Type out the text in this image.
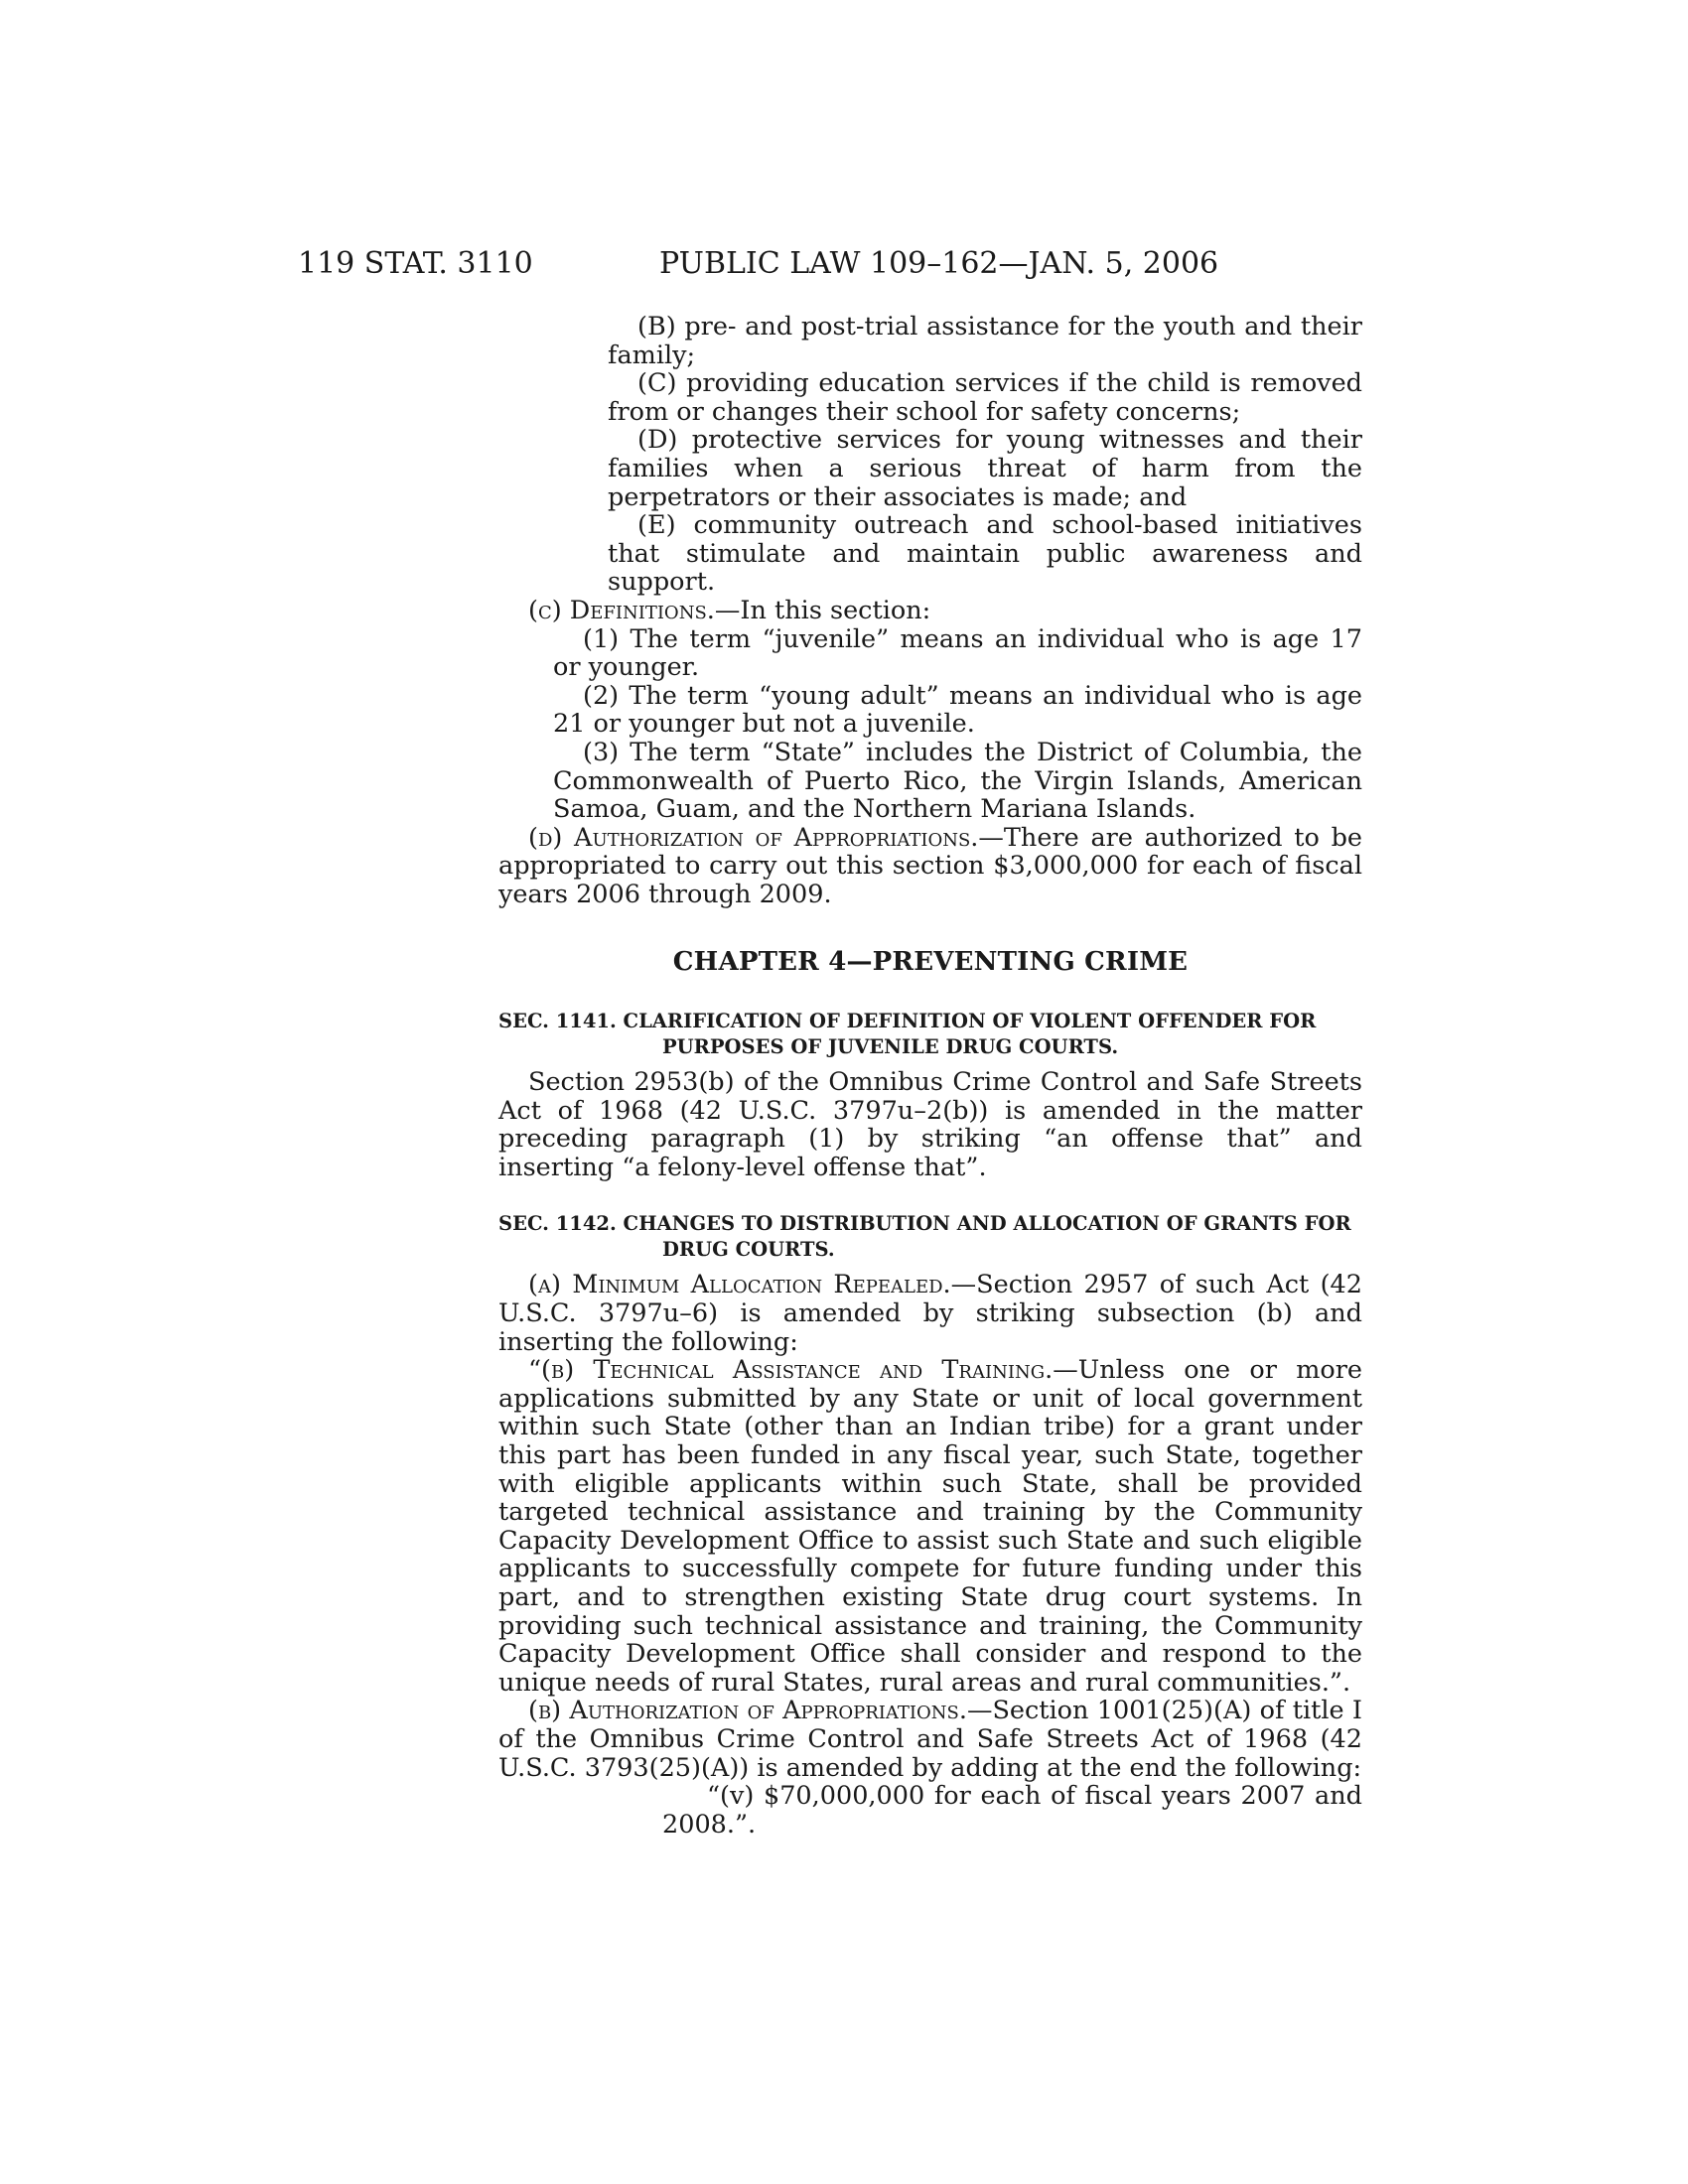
119 STAT. 3110	PUBLIC LAW 109–162—JAN. 5, 2006

(B) pre- and post-trial assistance for the youth and their family;

(C) providing education services if the child is removed from or changes their school for safety concerns;

(D) protective services for young witnesses and their families when a serious threat of harm from the perpetrators or their associates is made; and

(E) community outreach and school-based initiatives that stimulate and maintain public awareness and support.

(c) Definitions.—In this section:

(1) The term “juvenile” means an individual who is age 17 or younger.

(2) The term “young adult” means an individual who is age 21 or younger but not a juvenile.

(3) The term “State” includes the District of Columbia, the Commonwealth of Puerto Rico, the Virgin Islands, American Samoa, Guam, and the Northern Mariana Islands.

(d) Authorization of Appropriations.—There are authorized to be appropriated to carry out this section $3,000,000 for each of fiscal years 2006 through 2009.

CHAPTER 4—PREVENTING CRIME

SEC. 1141. CLARIFICATION OF DEFINITION OF VIOLENT OFFENDER FOR PURPOSES OF JUVENILE DRUG COURTS.

Section 2953(b) of the Omnibus Crime Control and Safe Streets Act of 1968 (42 U.S.C. 3797u–2(b)) is amended in the matter preceding paragraph (1) by striking “an offense that” and inserting “a felony-level offense that”.

SEC. 1142. CHANGES TO DISTRIBUTION AND ALLOCATION OF GRANTS FOR DRUG COURTS.

(a) Minimum Allocation Repealed.—Section 2957 of such Act (42 U.S.C. 3797u–6) is amended by striking subsection (b) and inserting the following:

“(b) Technical Assistance and Training.—Unless one or more applications submitted by any State or unit of local government within such State (other than an Indian tribe) for a grant under this part has been funded in any fiscal year, such State, together with eligible applicants within such State, shall be provided targeted technical assistance and training by the Community Capacity Development Office to assist such State and such eligible applicants to successfully compete for future funding under this part, and to strengthen existing State drug court systems. In providing such technical assistance and training, the Community Capacity Development Office shall consider and respond to the unique needs of rural States, rural areas and rural communities.”.

(b) Authorization of Appropriations.—Section 1001(25)(A) of title I of the Omnibus Crime Control and Safe Streets Act of 1968 (42 U.S.C. 3793(25)(A)) is amended by adding at the end the following:

“(v) $70,000,000 for each of fiscal years 2007 and 2008.”.
